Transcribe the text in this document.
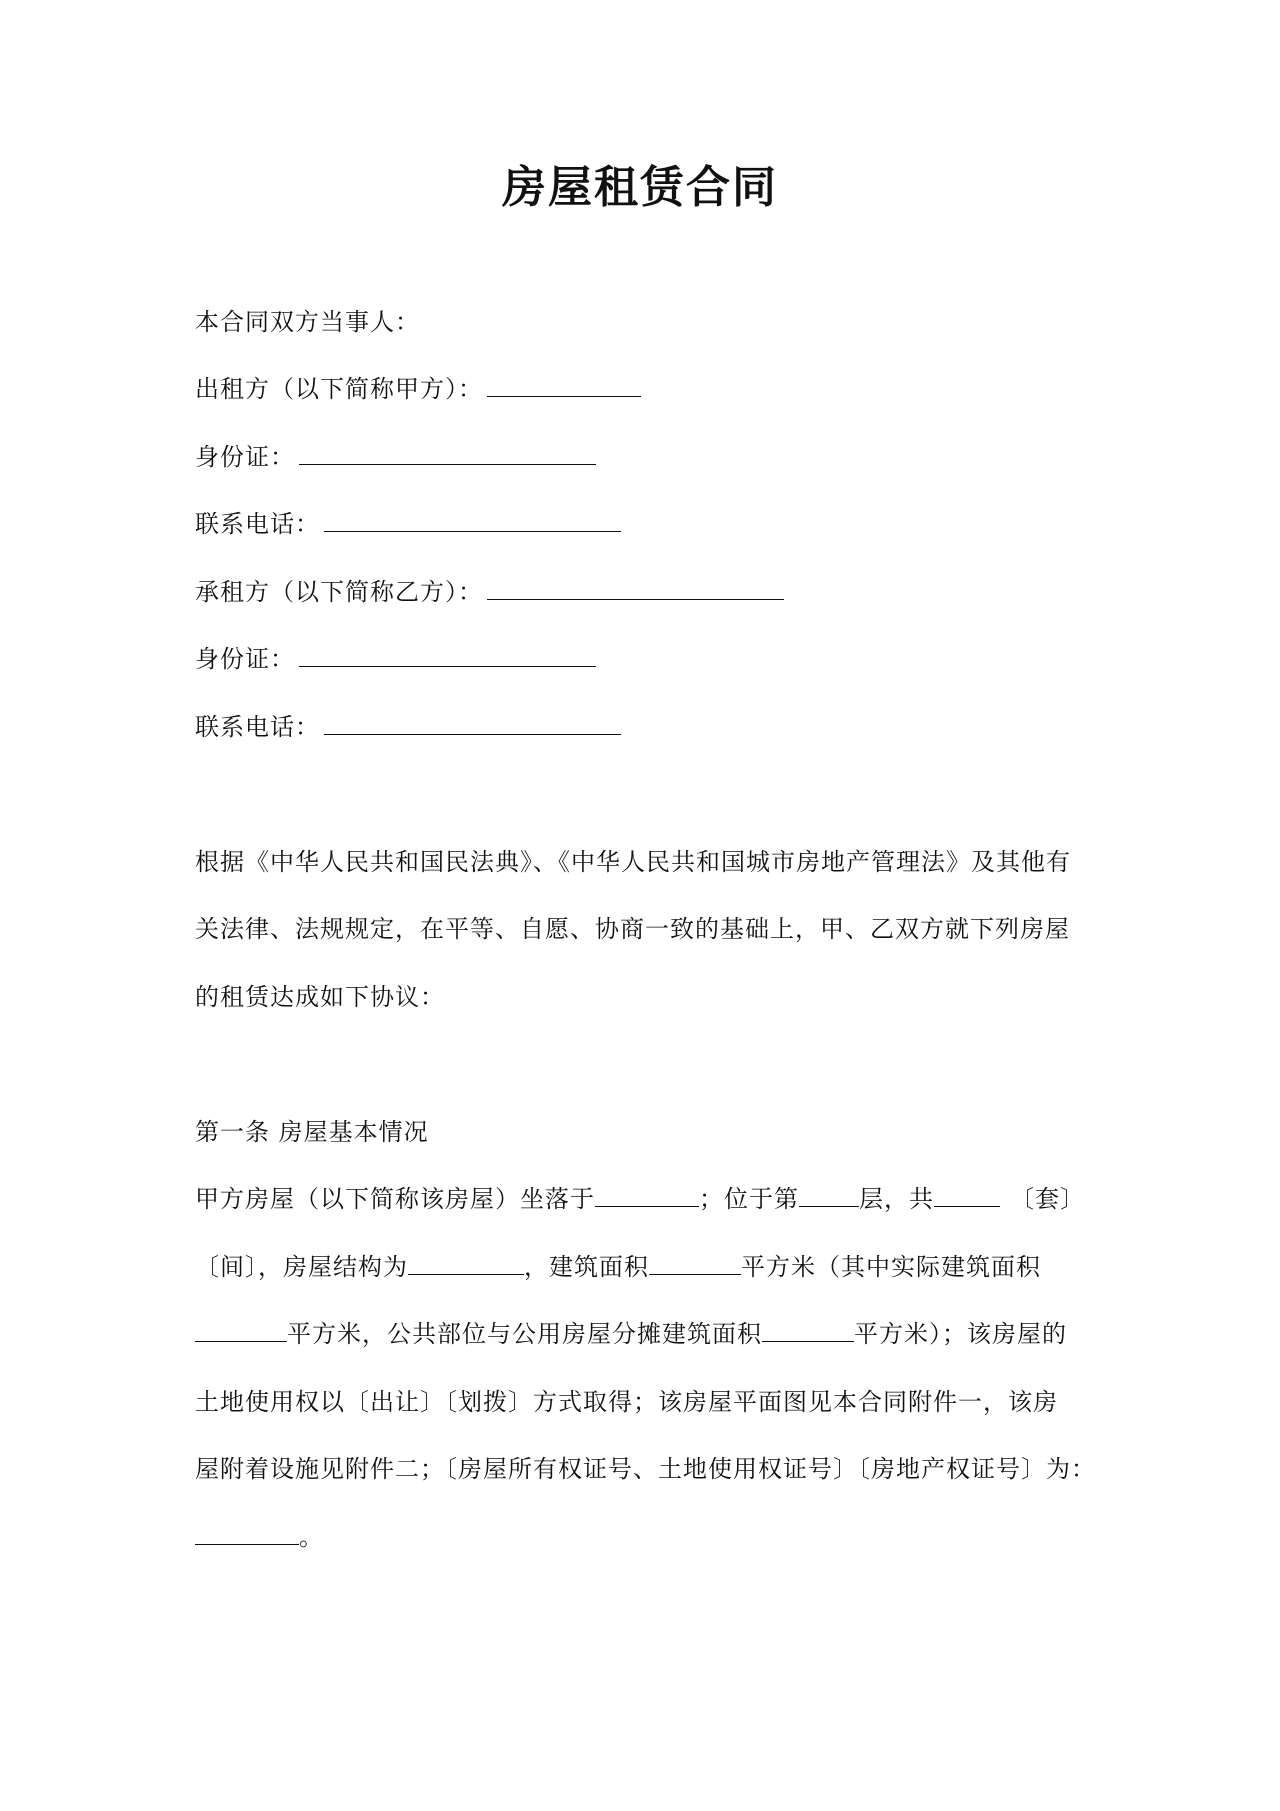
房屋租赁合同
本合同双方当事人：
出租方（以下简称甲方）：
身份证：
联系电话：
承租方（以下简称乙方）：
身份证：
联系电话：
根据《中华人民共和国民法典》、《中华人民共和国城市房地产管理法》及其他有
关法律、法规规定，在平等、自愿、协商一致的基础上，甲、乙双方就下列房屋
的租赁达成如下协议：
第一条 房屋基本情况
甲方房屋（以下简称该房屋）坐落于	；位于第	层，共	〔套〕
〔间〕，房屋结构为	，建筑面积	平方米（其中实际建筑面积
平方米，公共部位与公用房屋分摊建筑面积	平方米）；该房屋的
土地使用权以〔出让〕〔划拨〕方式取得；该房屋平面图见本合同附件一，该房
屋附着设施见附件二；〔房屋所有权证号、土地使用权证号〕〔房地产权证号〕为：
。
